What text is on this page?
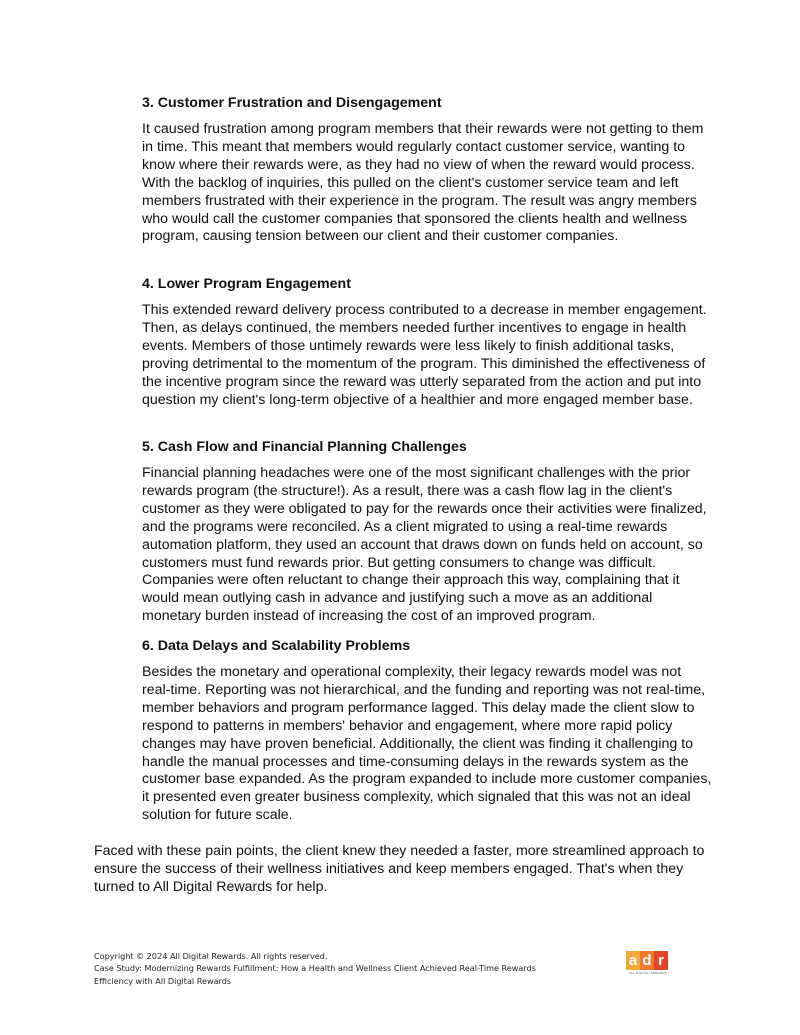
3. Customer Frustration and Disengagement

It caused frustration among program members that their rewards were not getting to them in time. This meant that members would regularly contact customer service, wanting to know where their rewards were, as they had no view of when the reward would process. With the backlog of inquiries, this pulled on the client's customer service team and left members frustrated with their experience in the program. The result was angry members who would call the customer companies that sponsored the clients health and wellness program, causing tension between our client and their customer companies.

4. Lower Program Engagement

This extended reward delivery process contributed to a decrease in member engagement. Then, as delays continued, the members needed further incentives to engage in health events. Members of those untimely rewards were less likely to finish additional tasks, proving detrimental to the momentum of the program. This diminished the effectiveness of the incentive program since the reward was utterly separated from the action and put into question my client's long-term objective of a healthier and more engaged member base.

5. Cash Flow and Financial Planning Challenges

Financial planning headaches were one of the most significant challenges with the prior rewards program (the structure!). As a result, there was a cash flow lag in the client's customer as they were obligated to pay for the rewards once their activities were finalized, and the programs were reconciled. As a client migrated to using a real-time rewards automation platform, they used an account that draws down on funds held on account, so customers must fund rewards prior. But getting consumers to change was difficult. Companies were often reluctant to change their approach this way, complaining that it would mean outlying cash in advance and justifying such a move as an additional monetary burden instead of increasing the cost of an improved program.

6. Data Delays and Scalability Problems

Besides the monetary and operational complexity, their legacy rewards model was not real-time. Reporting was not hierarchical, and the funding and reporting was not real-time, member behaviors and program performance lagged. This delay made the client slow to respond to patterns in members' behavior and engagement, where more rapid policy changes may have proven beneficial. Additionally, the client was finding it challenging to handle the manual processes and time-consuming delays in the rewards system as the customer base expanded. As the program expanded to include more customer companies, it presented even greater business complexity, which signaled that this was not an ideal solution for future scale.

Faced with these pain points, the client knew they needed a faster, more streamlined approach to ensure the success of their wellness initiatives and keep members engaged. That's when they turned to All Digital Rewards for help.

Copyright © 2024 All Digital Rewards. All rights reserved.
Case Study: Modernizing Rewards Fulfillment: How a Health and Wellness Client Achieved Real-Time Rewards
Efficiency with All Digital Rewards
a d r
ALL DIGITAL REWARDS
